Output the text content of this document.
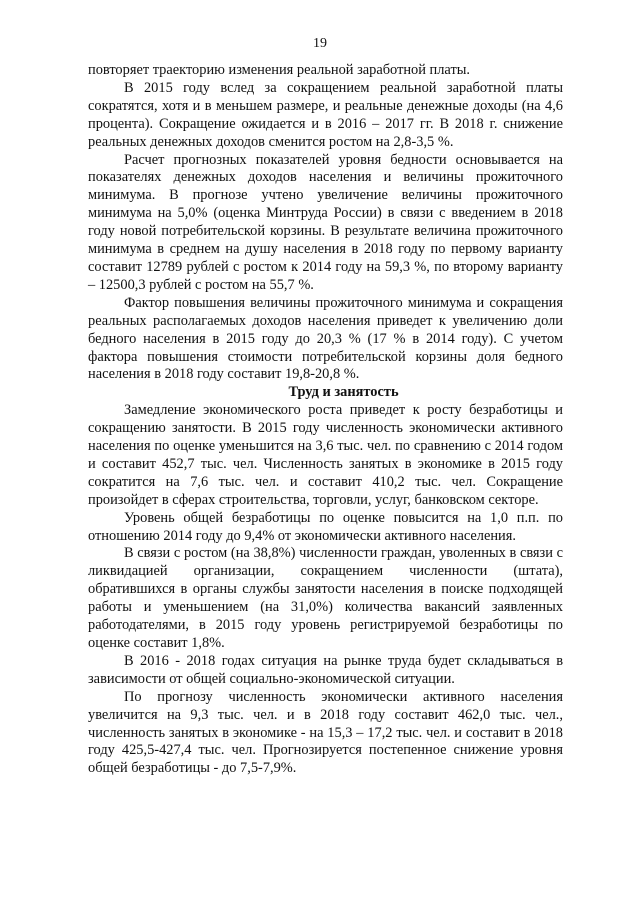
19

повторяет траекторию изменения реальной заработной платы.

В 2015 году вслед за сокращением реальной заработной платы сократятся, хотя и в меньшем размере, и реальные денежные доходы (на 4,6 процента). Сокращение ожидается и в 2016 – 2017 гг. В 2018 г. снижение реальных денежных доходов сменится ростом на 2,8-3,5 %.

Расчет прогнозных показателей уровня бедности основывается на показателях денежных доходов населения и величины прожиточного минимума. В прогнозе учтено увеличение величины прожиточного минимума на 5,0% (оценка Минтруда России) в связи с введением в 2018 году новой потребительской корзины. В результате величина прожиточного минимума в среднем на душу населения в 2018 году по первому варианту составит 12789 рублей с ростом к 2014 году на 59,3 %, по второму варианту – 12500,3 рублей с ростом на 55,7 %.

Фактор повышения величины прожиточного минимума и сокращения реальных располагаемых доходов населения приведет к увеличению доли бедного населения в 2015 году до 20,3 % (17 % в 2014 году). С учетом фактора повышения стоимости потребительской корзины доля бедного населения в 2018 году составит 19,8-20,8 %.

Труд и занятость

Замедление экономического роста приведет к росту безработицы и сокращению занятости. В 2015 году численность экономически активного населения по оценке уменьшится на 3,6 тыс. чел. по сравнению с 2014 годом и составит 452,7 тыс. чел. Численность занятых в экономике в 2015 году сократится на 7,6 тыс. чел. и составит 410,2 тыс. чел. Сокращение произойдет в сферах строительства, торговли, услуг, банковском секторе.

Уровень общей безработицы по оценке повысится на 1,0 п.п. по отношению 2014 году до 9,4% от экономически активного населения.

В связи с ростом (на 38,8%) численности граждан, уволенных в связи с ликвидацией организации, сокращением численности (штата), обратившихся в органы службы занятости населения в поиске подходящей работы и уменьшением (на 31,0%) количества вакансий заявленных работодателями, в 2015 году уровень регистрируемой безработицы по оценке составит 1,8%.

В 2016 - 2018 годах ситуация на рынке труда будет складываться в зависимости от общей социально-экономической ситуации.

По прогнозу численность экономически активного населения увеличится на 9,3 тыс. чел. и в 2018 году составит 462,0 тыс. чел., численность занятых в экономике - на 15,3 – 17,2 тыс. чел. и составит в 2018 году 425,5-427,4 тыс. чел. Прогнозируется постепенное снижение уровня общей безработицы - до 7,5-7,9%.
